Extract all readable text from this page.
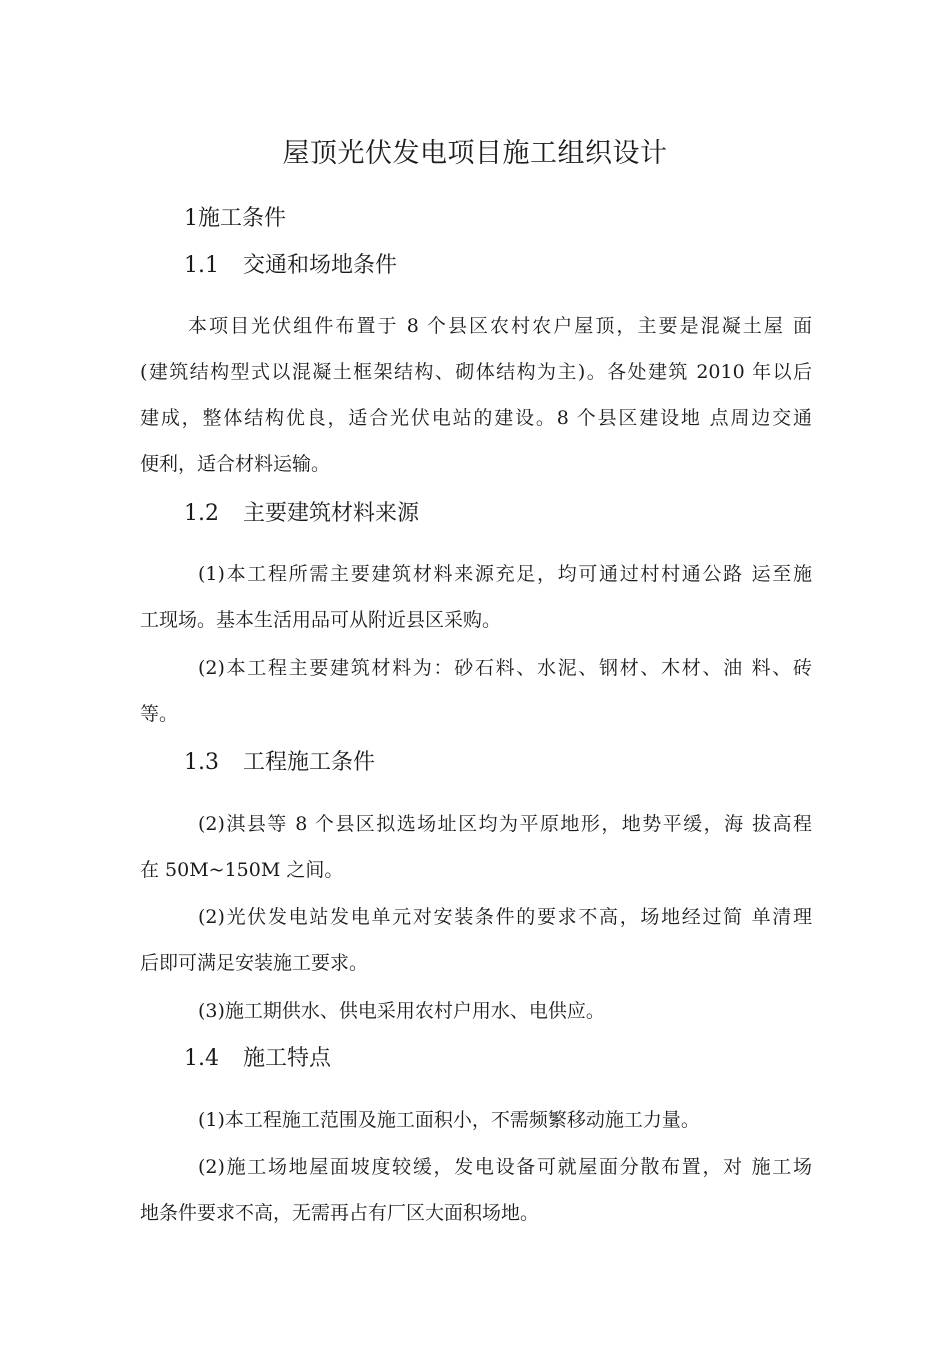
屋顶光伏发电项目施工组织设计
1施工条件
1.1 交通和场地条件
本项目光伏组件布置于 8 个县区农村农户屋顶，主要是混凝土屋 面
(建筑结构型式以混凝土框架结构、砌体结构为主)。各处建筑 2010 年以后
建成，整体结构优良，适合光伏电站的建设。8 个县区建设地 点周边交通
便利，适合材料运输。
1.2 主要建筑材料来源
(1)本工程所需主要建筑材料来源充足，均可通过村村通公路 运至施
工现场。基本生活用品可从附近县区采购。
(2)本工程主要建筑材料为：砂石料、水泥、钢材、木材、油 料、砖
等。
1.3 工程施工条件
(2)淇县等 8 个县区拟选场址区均为平原地形，地势平缓，海 拔高程
在 50M~150M 之间。
(2)光伏发电站发电单元对安装条件的要求不高，场地经过简 单清理
后即可满足安装施工要求。
(3)施工期供水、供电采用农村户用水、电供应。
1.4 施工特点
(1)本工程施工范围及施工面积小，不需频繁移动施工力量。
(2)施工场地屋面坡度较缓，发电设备可就屋面分散布置，对 施工场
地条件要求不高，无需再占有厂区大面积场地。
